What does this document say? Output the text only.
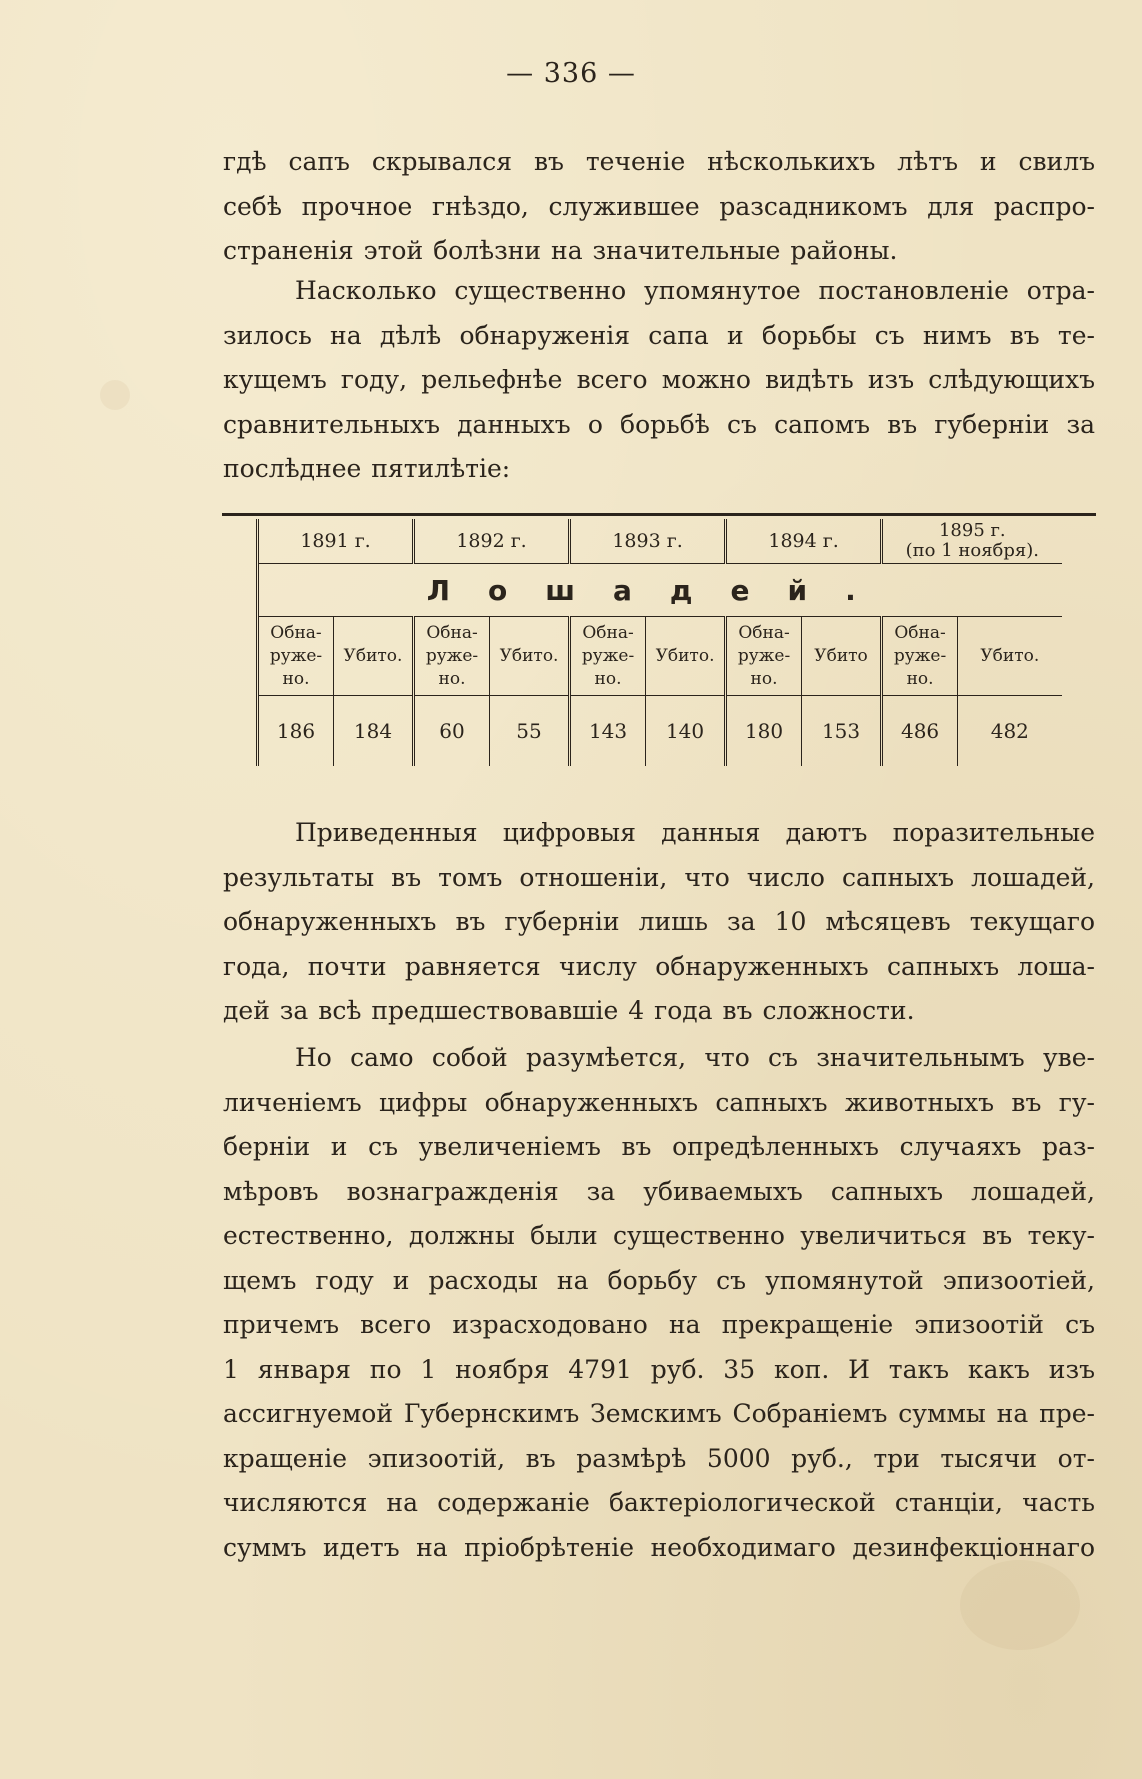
— 336 —
гдѣ сапъ скрывался въ теченіе нѣсколькихъ лѣтъ и свилъ
себѣ прочное гнѣздо, служившее разсадникомъ для распро-
страненія этой болѣзни на значительные районы.
Насколько существенно упомянутое постановленіе отра-
зилось на дѣлѣ обнаруженія сапа и борьбы съ нимъ въ те-
кущемъ году, рельефнѣе всего можно видѣть изъ слѣдующихъ
сравнительныхъ данныхъ о борьбѣ съ сапомъ въ губерніи за
послѣднее пятилѣтіе:
1891 г.		1892 г.		1893 г.		1894 г.		1895 г.
(по 1 ноября).	
Лошадей.									
Обна-
руже-
но.	Убито.	Обна-
руже-
но.	Убито.	Обна-
руже-
но.	Убито.	Обна-
руже-
но.	Убито	Обна-
руже-
но.	Убито.
186	184	60	55	143	140	180	153	486	482
Приведенныя цифровыя данныя даютъ поразительные
результаты въ томъ отношеніи, что число сапныхъ лошадей,
обнаруженныхъ въ губерніи лишь за 10 мѣсяцевъ текущаго
года, почти равняется числу обнаруженныхъ сапныхъ лоша-
дей за всѣ предшествовавшіе 4 года въ сложности.
Но само собой разумѣется, что съ значительнымъ уве-
личеніемъ цифры обнаруженныхъ сапныхъ животныхъ въ гу-
берніи и съ увеличеніемъ въ опредѣленныхъ случаяхъ раз-
мѣровъ вознагражденія за убиваемыхъ сапныхъ лошадей,
естественно, должны были существенно увеличиться въ теку-
щемъ году и расходы на борьбу съ упомянутой эпизоотіей,
причемъ всего израсходовано на прекращеніе эпизоотій съ
1 января по 1 ноября 4791 руб. 35 коп. И такъ какъ изъ
ассигнуемой Губернскимъ Земскимъ Собраніемъ суммы на пре-
кращеніе эпизоотій, въ размѣрѣ 5000 руб., три тысячи от-
числяются на содержаніе бактеріологической станціи, часть
суммъ идетъ на пріобрѣтеніе необходимаго дезинфекціоннаго
